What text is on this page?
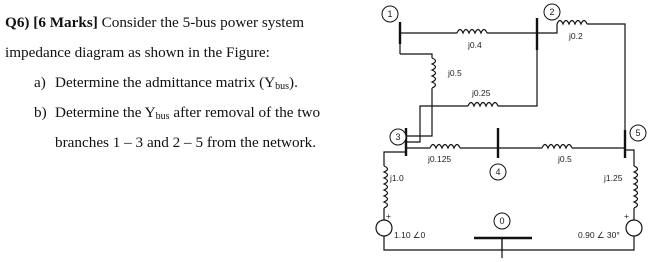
Q6) [6 Marks] Consider the 5-bus power system
impedance diagram as shown in the Figure:
a) Determine the admittance matrix $(Y_{bus})$.
b) Determine the $Y_{bus}$ after removal of the two
branches 1 – 3 and 2 – 5 from the network.
1	2
3
4
5
0
j0.4
j0.2
j0.5
j0.25
j0.125	j0.5
j1.0	j1.25
+
1.10 ∠0
+
0.90 ∠ 30°
